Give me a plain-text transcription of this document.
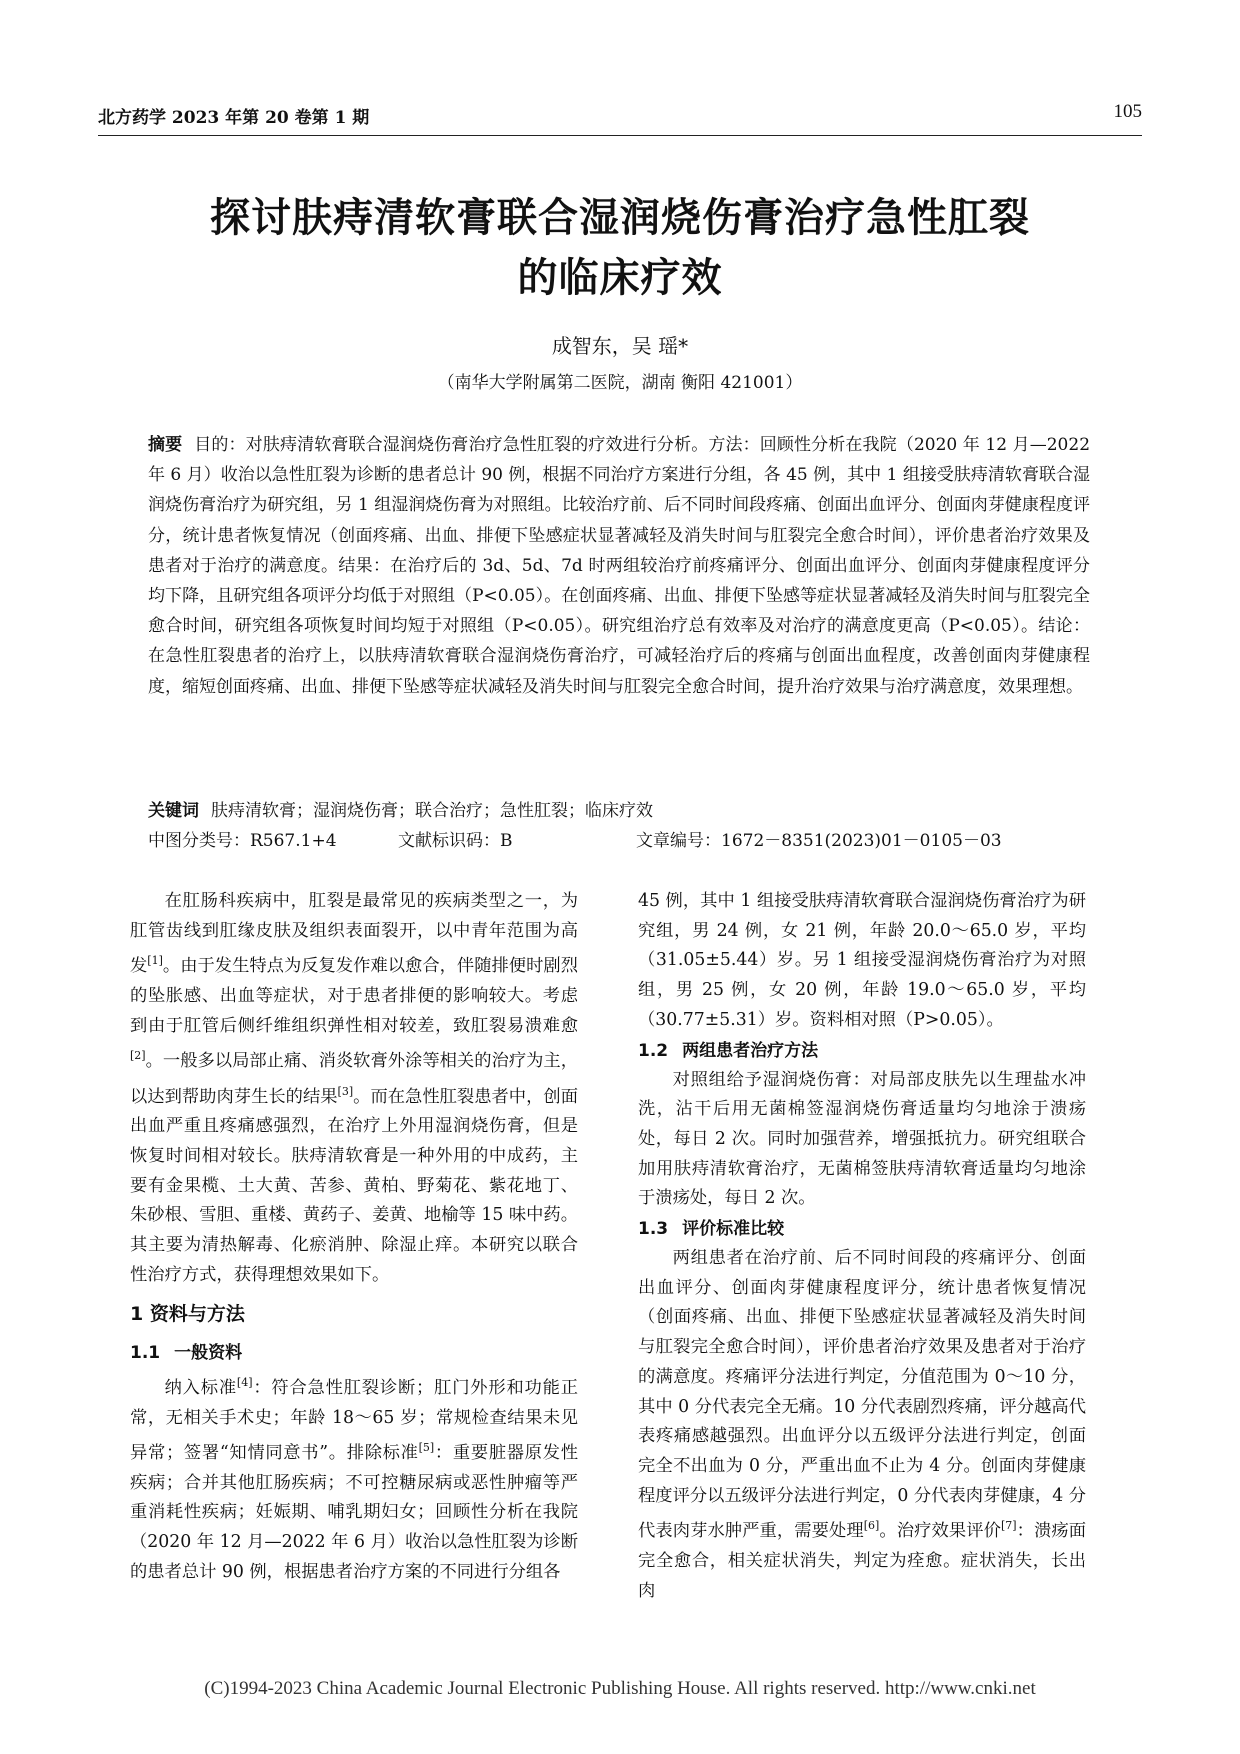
北方药学 2023 年第 20 卷第 1 期	105
探讨肤痔清软膏联合湿润烧伤膏治疗急性肛裂
的临床疗效
成智东，吴 瑶*
（南华大学附属第二医院，湖南 衡阳 421001）
摘要 目的：对肤痔清软膏联合湿润烧伤膏治疗急性肛裂的疗效进行分析。方法：回顾性分析在我院（2020 年 12 月—2022 年 6 月）收治以急性肛裂为诊断的患者总计 90 例，根据不同治疗方案进行分组，各 45 例，其中 1 组接受肤痔清软膏联合湿润烧伤膏治疗为研究组，另 1 组湿润烧伤膏为对照组。比较治疗前、后不同时间段疼痛、创面出血评分、创面肉芽健康程度评分，统计患者恢复情况（创面疼痛、出血、排便下坠感症状显著减轻及消失时间与肛裂完全愈合时间），评价患者治疗效果及患者对于治疗的满意度。结果：在治疗后的 3d、5d、7d 时两组较治疗前疼痛评分、创面出血评分、创面肉芽健康程度评分均下降，且研究组各项评分均低于对照组（P<0.05）。在创面疼痛、出血、排便下坠感等症状显著减轻及消失时间与肛裂完全愈合时间，研究组各项恢复时间均短于对照组（P<0.05）。研究组治疗总有效率及对治疗的满意度更高（P<0.05）。结论：在急性肛裂患者的治疗上，以肤痔清软膏联合湿润烧伤膏治疗，可减轻治疗后的疼痛与创面出血程度，改善创面肉芽健康程度，缩短创面疼痛、出血、排便下坠感等症状减轻及消失时间与肛裂完全愈合时间，提升治疗效果与治疗满意度，效果理想。
关键词 肤痔清软膏；湿润烧伤膏；联合治疗；急性肛裂；临床疗效
中图分类号：R567.1+4	文献标识码：B	文章编号：1672－8351(2023)01－0105－03

在肛肠科疾病中，肛裂是最常见的疾病类型之一，为肛管齿线到肛缘皮肤及组织表面裂开，以中青年范围为高发[1]。由于发生特点为反复发作难以愈合，伴随排便时剧烈的坠胀感、出血等症状，对于患者排便的影响较大。考虑到由于肛管后侧纤维组织弹性相对较差，致肛裂易溃难愈[2]。一般多以局部止痛、消炎软膏外涂等相关的治疗为主，以达到帮助肉芽生长的结果[3]。而在急性肛裂患者中，创面出血严重且疼痛感强烈，在治疗上外用湿润烧伤膏，但是恢复时间相对较长。肤痔清软膏是一种外用的中成药，主要有金果榄、土大黄、苦参、黄柏、野菊花、紫花地丁、朱砂根、雪胆、重楼、黄药子、姜黄、地榆等 15 味中药。其主要为清热解毒、化瘀消肿、除湿止痒。本研究以联合性治疗方式，获得理想效果如下。

1 资料与方法
1.1 一般资料

纳入标准[4]：符合急性肛裂诊断；肛门外形和功能正常，无相关手术史；年龄 18～65 岁；常规检查结果未见异常；签署“知情同意书”。排除标准[5]：重要脏器原发性疾病；合并其他肛肠疾病；不可控糖尿病或恶性肿瘤等严重消耗性疾病；妊娠期、哺乳期妇女；回顾性分析在我院（2020 年 12 月—2022 年 6 月）收治以急性肛裂为诊断的患者总计 90 例，根据患者治疗方案的不同进行分组各

45 例，其中 1 组接受肤痔清软膏联合湿润烧伤膏治疗为研究组，男 24 例，女 21 例，年龄 20.0～65.0 岁，平均（31.05±5.44）岁。另 1 组接受湿润烧伤膏治疗为对照组，男 25 例，女 20 例，年龄 19.0～65.0 岁，平均（30.77±5.31）岁。资料相对照（P>0.05）。

1.2 两组患者治疗方法

对照组给予湿润烧伤膏：对局部皮肤先以生理盐水冲洗，沾干后用无菌棉签湿润烧伤膏适量均匀地涂于溃疡处，每日 2 次。同时加强营养，增强抵抗力。研究组联合加用肤痔清软膏治疗，无菌棉签肤痔清软膏适量均匀地涂于溃疡处，每日 2 次。

1.3 评价标准比较

两组患者在治疗前、后不同时间段的疼痛评分、创面出血评分、创面肉芽健康程度评分，统计患者恢复情况（创面疼痛、出血、排便下坠感症状显著减轻及消失时间与肛裂完全愈合时间），评价患者治疗效果及患者对于治疗的满意度。疼痛评分法进行判定，分值范围为 0～10 分，其中 0 分代表完全无痛。10 分代表剧烈疼痛，评分越高代表疼痛感越强烈。出血评分以五级评分法进行判定，创面完全不出血为 0 分，严重出血不止为 4 分。创面肉芽健康程度评分以五级评分法进行判定，0 分代表肉芽健康，4 分代表肉芽水肿严重，需要处理[6]。治疗效果评价[7]：溃疡面完全愈合，相关症状消失，判定为痊愈。症状消失，长出肉

(C)1994-2023 China Academic Journal Electronic Publishing House. All rights reserved. http://www.cnki.net
